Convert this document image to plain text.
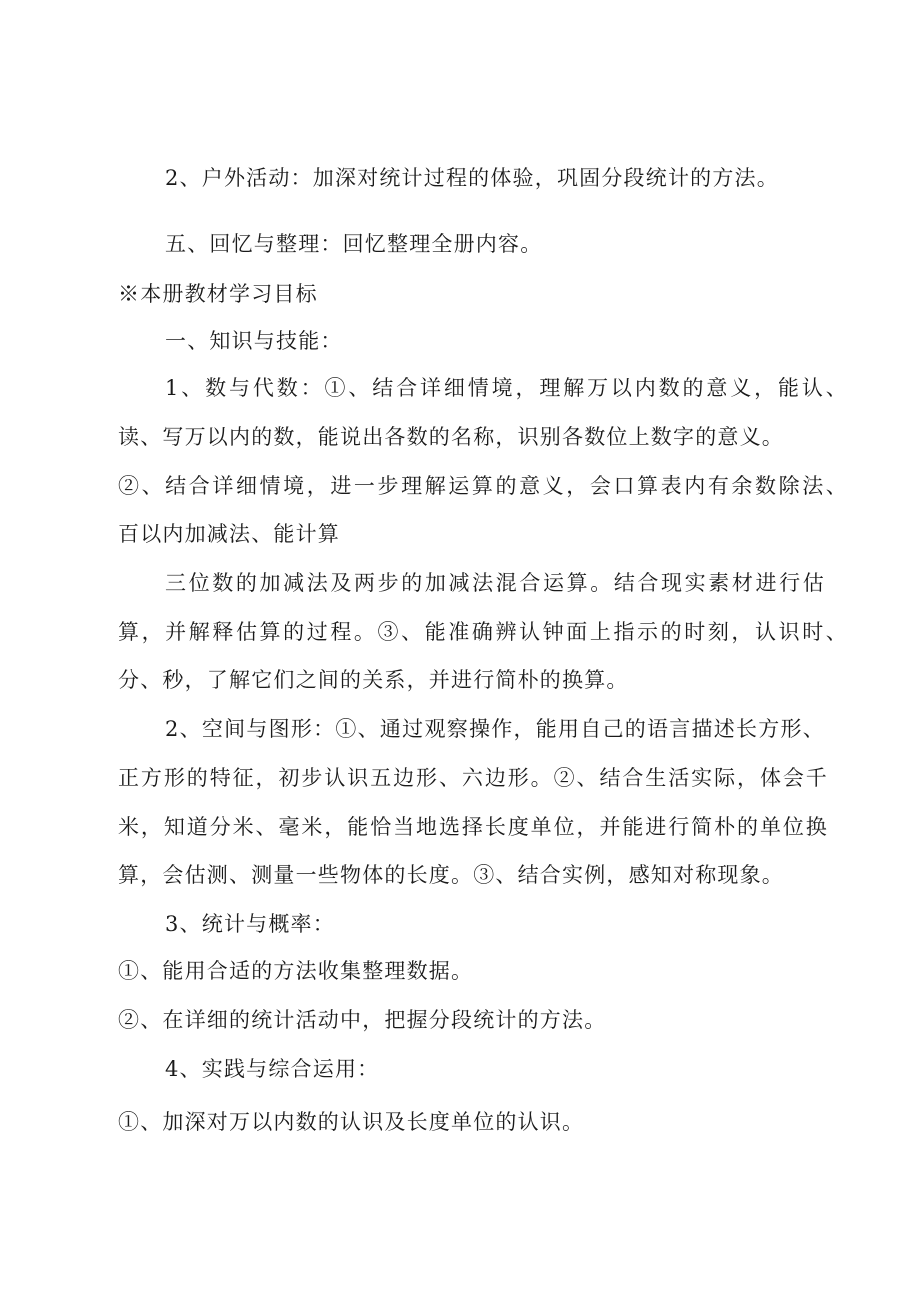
2、户外活动：加深对统计过程的体验，巩固分段统计的方法。
五、回忆与整理：回忆整理全册内容。
※本册教材学习目标
一、知识与技能：
1、数与代数：①、结合详细情境，理解万以内数的意义，能认、
读、写万以内的数，能说出各数的名称，识别各数位上数字的意义。
②、结合详细情境，进一步理解运算的意义，会口算表内有余数除法、
百以内加减法、能计算
三位数的加减法及两步的加减法混合运算。结合现实素材进行估
算，并解释估算的过程。③、能准确辨认钟面上指示的时刻，认识时、
分、秒，了解它们之间的关系，并进行简朴的换算。
2、空间与图形：①、通过观察操作，能用自己的语言描述长方形、
正方形的特征，初步认识五边形、六边形。②、结合生活实际，体会千
米，知道分米、毫米，能恰当地选择长度单位，并能进行简朴的单位换
算，会估测、测量一些物体的长度。③、结合实例，感知对称现象。
3、统计与概率：
①、能用合适的方法收集整理数据。
②、在详细的统计活动中，把握分段统计的方法。
4、实践与综合运用：
①、加深对万以内数的认识及长度单位的认识。
